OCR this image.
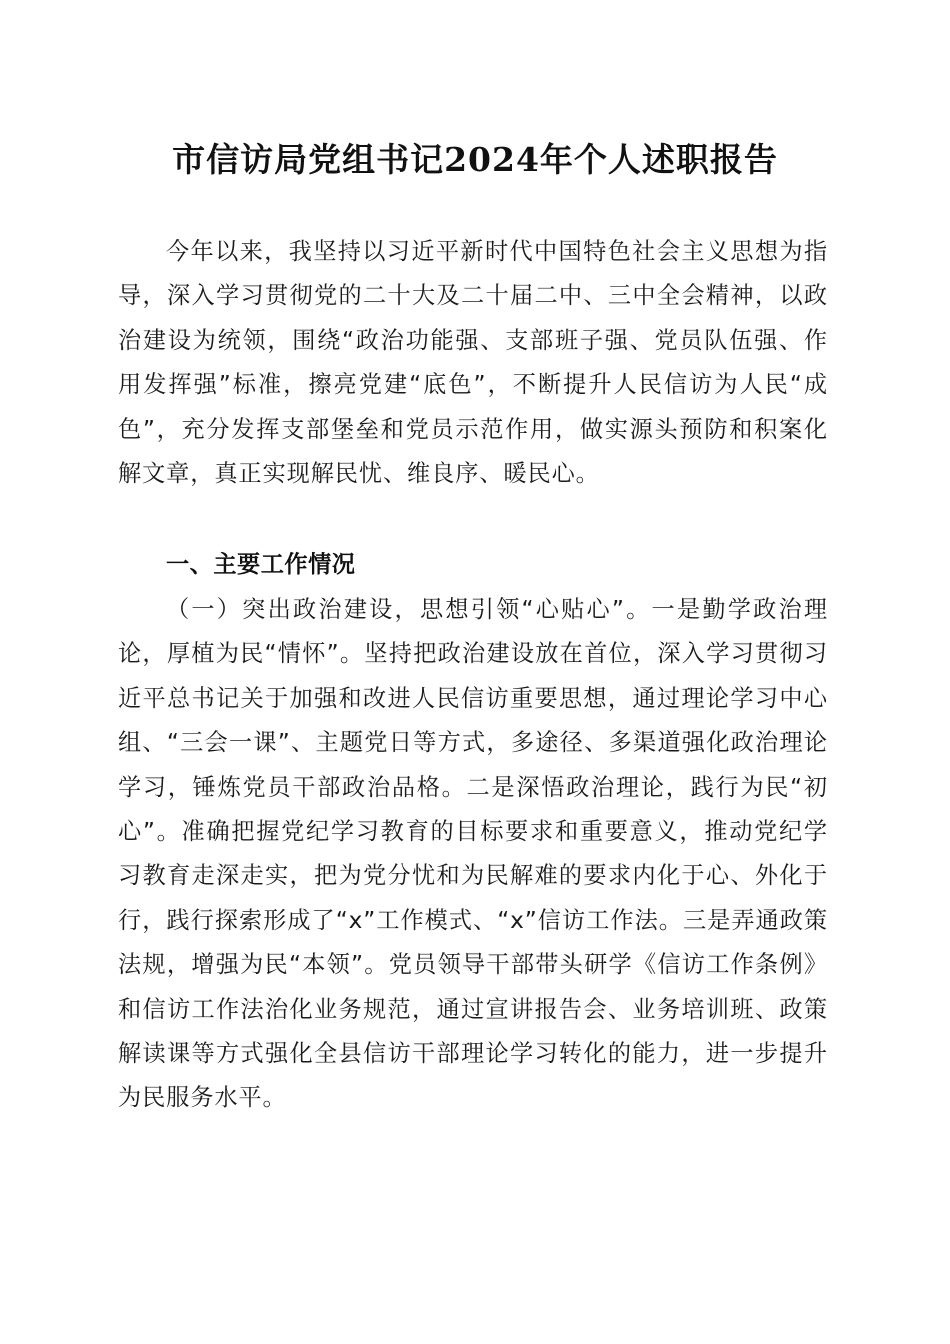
市信访局党组书记2024年个人述职报告

今年以来，我坚持以习近平新时代中国特色社会主义思想为指导，深入学习贯彻党的二十大及二十届二中、三中全会精神，以政治建设为统领，围绕“政治功能强、支部班子强、党员队伍强、作用发挥强”标准，擦亮党建“底色”，不断提升人民信访为人民“成色”，充分发挥支部堡垒和党员示范作用，做实源头预防和积案化解文章，真正实现解民忧、维良序、暖民心。

一、主要工作情况

（一）突出政治建设，思想引领“心贴心”。一是勤学政治理论，厚植为民“情怀”。坚持把政治建设放在首位，深入学习贯彻习近平总书记关于加强和改进人民信访重要思想，通过理论学习中心组、“三会一课”、主题党日等方式，多途径、多渠道强化政治理论学习，锤炼党员干部政治品格。二是深悟政治理论，践行为民“初心”。准确把握党纪学习教育的目标要求和重要意义，推动党纪学习教育走深走实，把为党分忧和为民解难的要求内化于心、外化于行，践行探索形成了“x”工作模式、“x”信访工作法。三是弄通政策法规，增强为民“本领”。党员领导干部带头研学《信访工作条例》和信访工作法治化业务规范，通过宣讲报告会、业务培训班、政策解读课等方式强化全县信访干部理论学习转化的能力，进一步提升为民服务水平。
